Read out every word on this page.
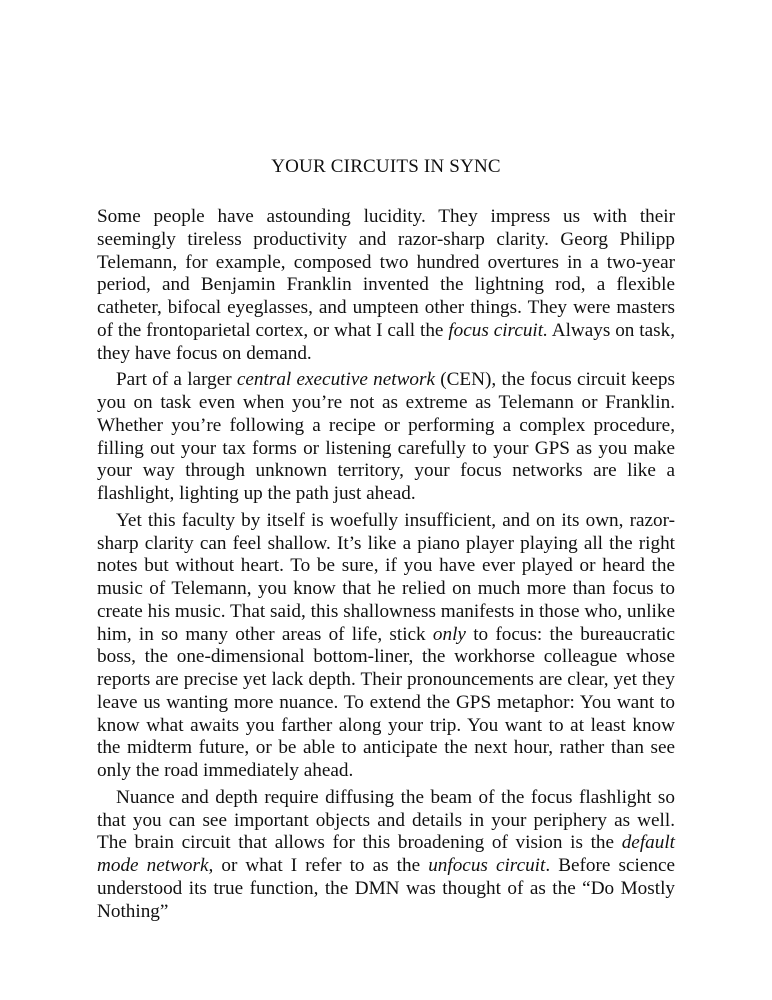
YOUR CIRCUITS IN SYNC

Some people have astounding lucidity. They impress us with their seemingly tireless productivity and razor-sharp clarity. Georg Philipp Telemann, for example, composed two hundred overtures in a two-year period, and Benjamin Franklin invented the lightning rod, a flexible catheter, bifocal eyeglasses, and umpteen other things. They were masters of the frontoparietal cortex, or what I call the focus circuit. Always on task, they have focus on demand.

Part of a larger central executive network (CEN), the focus circuit keeps you on task even when you’re not as extreme as Telemann or Franklin. Whether you’re following a recipe or performing a complex procedure, filling out your tax forms or listening carefully to your GPS as you make your way through unknown territory, your focus networks are like a flashlight, lighting up the path just ahead.

Yet this faculty by itself is woefully insufficient, and on its own, razor-sharp clarity can feel shallow. It’s like a piano player playing all the right notes but without heart. To be sure, if you have ever played or heard the music of Telemann, you know that he relied on much more than focus to create his music. That said, this shallowness manifests in those who, unlike him, in so many other areas of life, stick only to focus: the bureaucratic boss, the one-dimensional bottom-liner, the workhorse colleague whose reports are precise yet lack depth. Their pronouncements are clear, yet they leave us wanting more nuance. To extend the GPS metaphor: You want to know what awaits you farther along your trip. You want to at least know the midterm future, or be able to anticipate the next hour, rather than see only the road immediately ahead.

Nuance and depth require diffusing the beam of the focus flashlight so that you can see important objects and details in your periphery as well. The brain circuit that allows for this broadening of vision is the default mode network, or what I refer to as the unfocus circuit. Before science understood its true function, the DMN was thought of as the “Do Mostly Nothing”
